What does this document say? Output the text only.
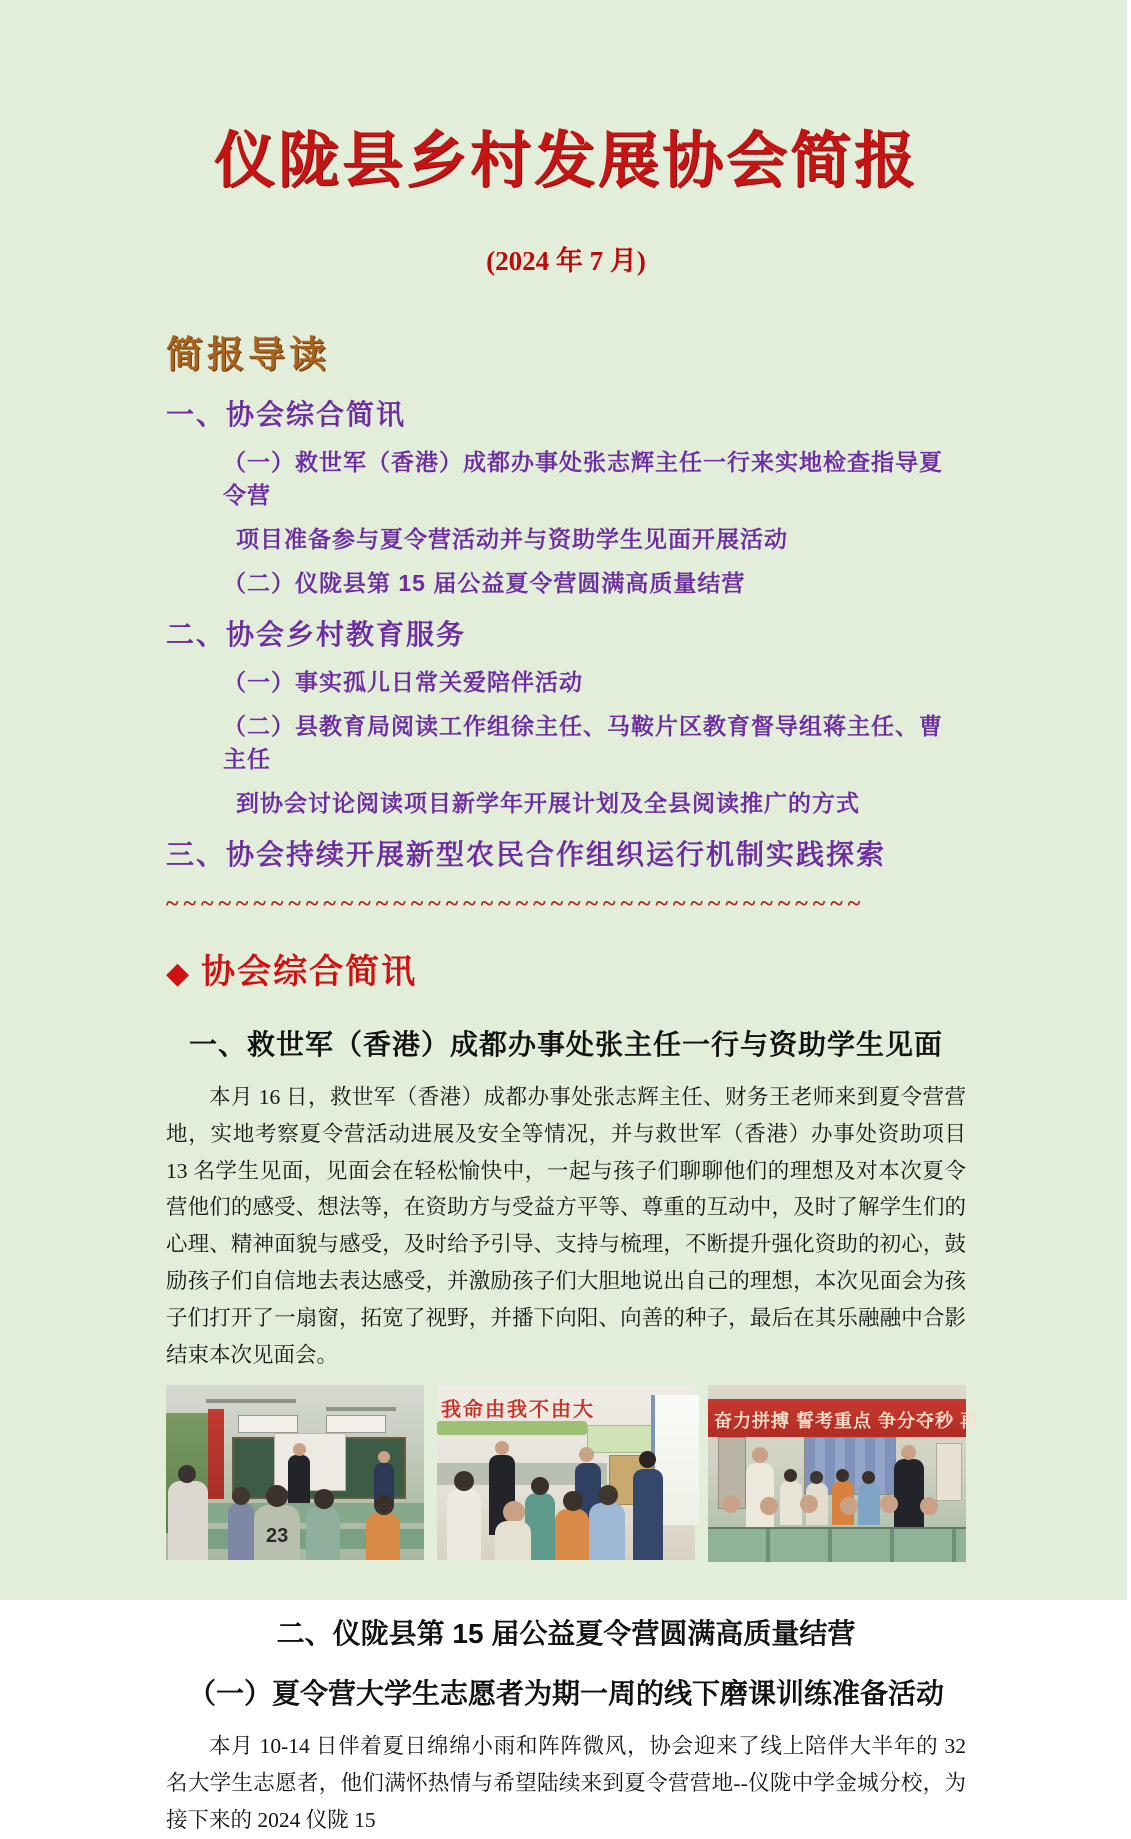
仪陇县乡村发展协会简报
(2024 年 7 月)
简报导读
一、协会综合简讯
（一）救世军（香港）成都办事处张志辉主任一行来实地检查指导夏令营
项目准备参与夏令营活动并与资助学生见面开展活动
（二）仪陇县第 15 届公益夏令营圆满高质量结营
二、协会乡村教育服务
（一）事实孤儿日常关爱陪伴活动
（二）县教育局阅读工作组徐主任、马鞍片区教育督导组蒋主任、曹主任
到协会讨论阅读项目新学年开展计划及全县阅读推广的方式
三、协会持续开展新型农民合作组织运行机制实践探索
~~~~~~~~~~~~~~~~~~~~~~~~~~~~~~~~~~~~~~~~
◆ 协会综合简讯
一、救世军（香港）成都办事处张主任一行与资助学生见面
本月 16 日，救世军（香港）成都办事处张志辉主任、财务王老师来到夏令营营地，实地考察夏令营活动进展及安全等情况，并与救世军（香港）办事处资助项目 13 名学生见面，见面会在轻松愉快中，一起与孩子们聊聊他们的理想及对本次夏令营他们的感受、想法等，在资助方与受益方平等、尊重的互动中，及时了解学生们的心理、精神面貌与感受，及时给予引导、支持与梳理，不断提升强化资助的初心，鼓励孩子们自信地去表达感受，并激励孩子们大胆地说出自己的理想，本次见面会为孩子们打开了一扇窗，拓宽了视野，并播下向阳、向善的种子，最后在其乐融融中合影结束本次见面会。
23
我命由我不由大	奋力拼搏 誓考重点 争分夺秒 再
二、仪陇县第 15 届公益夏令营圆满高质量结营
（一）夏令营大学生志愿者为期一周的线下磨课训练准备活动
本月 10-14 日伴着夏日绵绵小雨和阵阵微风，协会迎来了线上陪伴大半年的 32 名大学生志愿者，他们满怀热情与希望陆续来到夏令营营地--仪陇中学金城分校，为接下来的 2024 仪陇 15
